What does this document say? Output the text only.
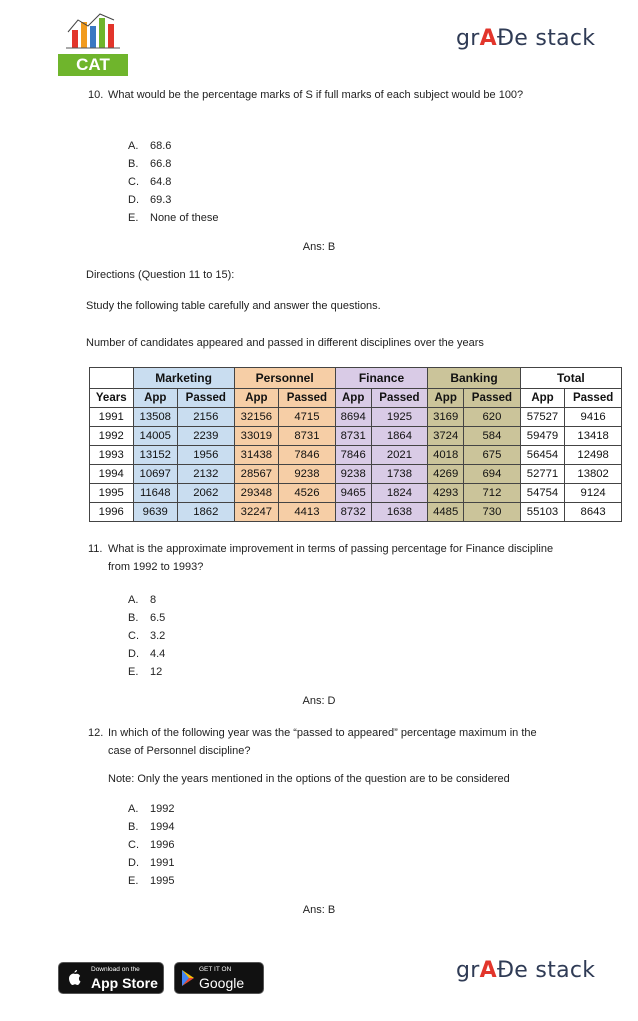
CAT
grAƉe stack
10. What would be the percentage marks of S if full marks of each subject would be 100?
A. 68.6
B. 66.8
C. 64.8
D. 69.3
E. None of these
Ans: B
Directions (Question 11 to 15):
Study the following table carefully and answer the questions.
Number of candidates appeared and passed in different disciplines over the years
	Marketing		Personnel		Finance		Banking		Total	
Years	App	Passed	App	Passed	App	Passed	App	Passed	App	Passed
1991	13508	2156	32156	4715	8694	1925	3169	620	57527	9416
1992	14005	2239	33019	8731	8731	1864	3724	584	59479	13418
1993	13152	1956	31438	7846	7846	2021	4018	675	56454	12498
1994	10697	2132	28567	9238	9238	1738	4269	694	52771	13802
1995	11648	2062	29348	4526	9465	1824	4293	712	54754	9124
1996	9639	1862	32247	4413	8732	1638	4485	730	55103	8643
11. What is the approximate improvement in terms of passing percentage for Finance discipline from 1992 to 1993?
A. 8
B. 6.5
C. 3.2
D. 4.4
E. 12
Ans: D
12. In which of the following year was the “passed to appeared” percentage maximum in the case of Personnel discipline?
Note: Only the years mentioned in the options of the question are to be considered
A. 1992
B. 1994
C. 1996
D. 1991
E. 1995
Ans: B
Download on the
App Store
GET IT ON
Google play
grAƉe stack
